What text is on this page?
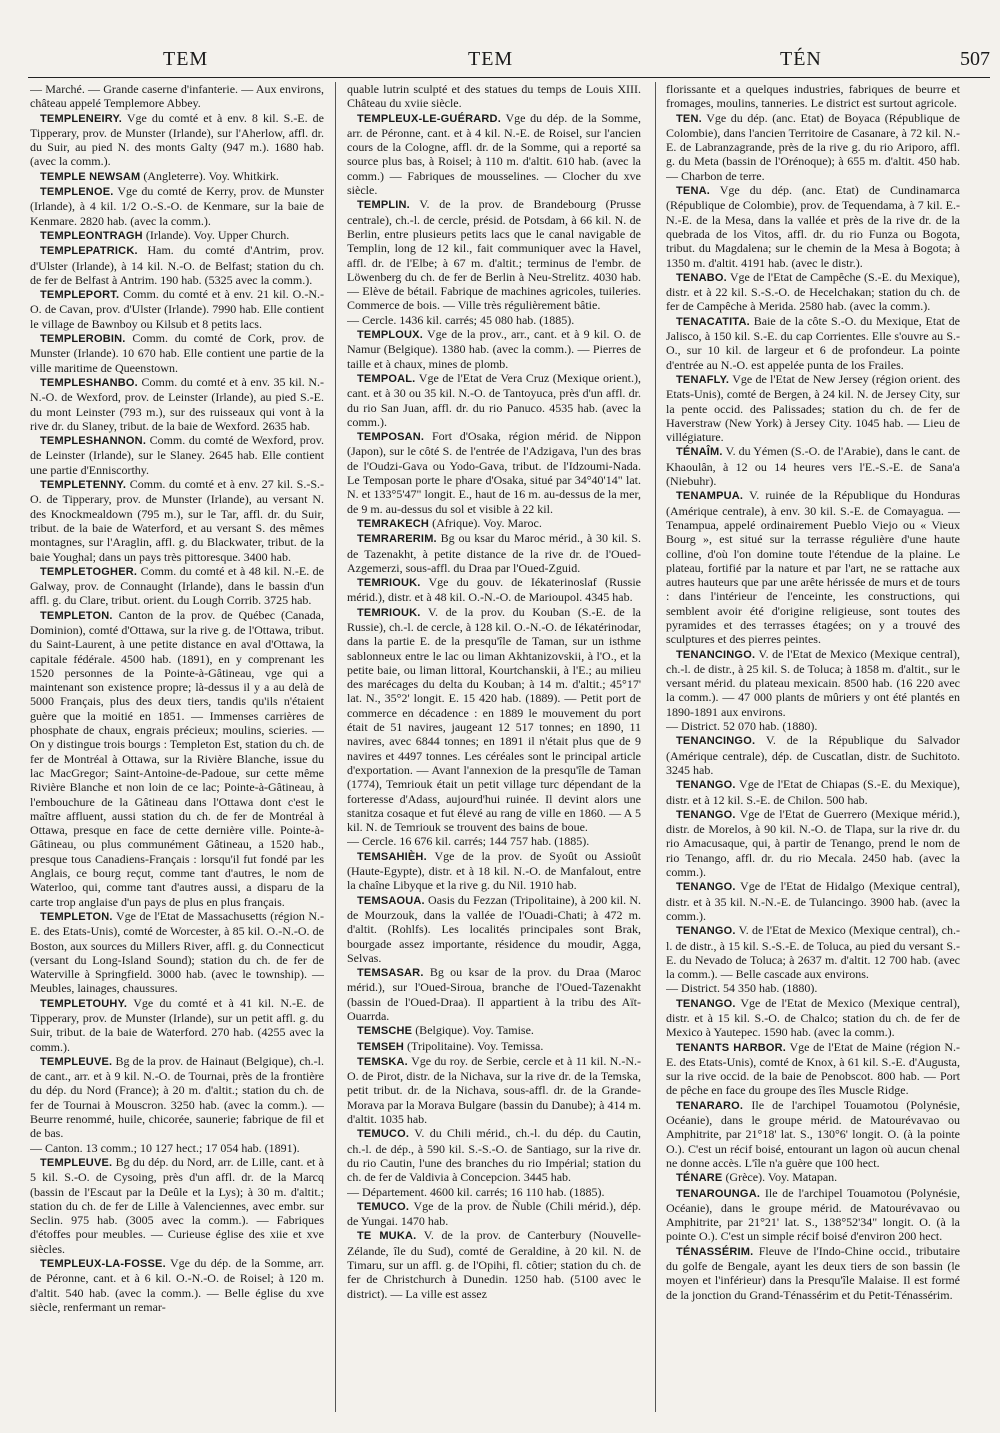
TEM	TEM	TÉN	507

— Marché. — Grande caserne d'infanterie. — Aux environs, château appelé Templemore Abbey.

TEMPLENEIRY. Vge du comté et à env. 8 kil. S.-E. de Tipperary, prov. de Munster (Irlande), sur l'Aherlow, affl. dr. du Suir, au pied N. des monts Galty (947 m.). 1680 hab. (avec la comm.).

TEMPLE NEWSAM (Angleterre). Voy. Whitkirk.

TEMPLENOE. Vge du comté de Kerry, prov. de Munster (Irlande), à 4 kil. 1/2 O.-S.-O. de Kenmare, sur la baie de Kenmare. 2820 hab. (avec la comm.).

TEMPLEONTRAGH (Irlande). Voy. Upper Church.

TEMPLEPATRICK. Ham. du comté d'Antrim, prov. d'Ulster (Irlande), à 14 kil. N.-O. de Belfast; station du ch. de fer de Belfast à Antrim. 190 hab. (5325 avec la comm.).

TEMPLEPORT. Comm. du comté et à env. 21 kil. O.-N.-O. de Cavan, prov. d'Ulster (Irlande). 7990 hab. Elle contient le village de Bawnboy ou Kilsub et 8 petits lacs.

TEMPLEROBIN. Comm. du comté de Cork, prov. de Munster (Irlande). 10 670 hab. Elle contient une partie de la ville maritime de Queenstown.

TEMPLESHANBO. Comm. du comté et à env. 35 kil. N.-N.-O. de Wexford, prov. de Leinster (Irlande), au pied S.-E. du mont Leinster (793 m.), sur des ruisseaux qui vont à la rive dr. du Slaney, tribut. de la baie de Wexford. 2635 hab.

TEMPLESHANNON. Comm. du comté de Wexford, prov. de Leinster (Irlande), sur le Slaney. 2645 hab. Elle contient une partie d'Enniscorthy.

TEMPLETENNY. Comm. du comté et à env. 27 kil. S.-S.-O. de Tipperary, prov. de Munster (Irlande), au versant N. des Knockmealdown (795 m.), sur le Tar, affl. dr. du Suir, tribut. de la baie de Waterford, et au versant S. des mêmes montagnes, sur l'Araglin, affl. g. du Blackwater, tribut. de la baie Youghal; dans un pays très pittoresque. 3400 hab.

TEMPLETOGHER. Comm. du comté et à 48 kil. N.-E. de Galway, prov. de Connaught (Irlande), dans le bassin d'un affl. g. du Clare, tribut. orient. du Lough Corrib. 3725 hab.

TEMPLETON. Canton de la prov. de Québec (Canada, Dominion), comté d'Ottawa, sur la rive g. de l'Ottawa, tribut. du Saint-Laurent, à une petite distance en aval d'Ottawa, la capitale fédérale. 4500 hab. (1891), en y comprenant les 1520 personnes de la Pointe-à-Gâtineau, vge qui a maintenant son existence propre; là-dessus il y a au delà de 5000 Français, plus des deux tiers, tandis qu'ils n'étaient guère que la moitié en 1851. — Immenses carrières de phosphate de chaux, engrais précieux; moulins, scieries. — On y distingue trois bourgs : Templeton Est, station du ch. de fer de Montréal à Ottawa, sur la Rivière Blanche, issue du lac MacGregor; Saint-Antoine-de-Padoue, sur cette même Rivière Blanche et non loin de ce lac; Pointe-à-Gâtineau, à l'embouchure de la Gâtineau dans l'Ottawa dont c'est le maître affluent, aussi station du ch. de fer de Montréal à Ottawa, presque en face de cette dernière ville. Pointe-à-Gâtineau, ou plus communément Gâtineau, a 1520 hab., presque tous Canadiens-Français : lorsqu'il fut fondé par les Anglais, ce bourg reçut, comme tant d'autres, le nom de Waterloo, qui, comme tant d'autres aussi, a disparu de la carte trop anglaise d'un pays de plus en plus français.

TEMPLETON. Vge de l'Etat de Massachusetts (région N.-E. des Etats-Unis), comté de Worcester, à 85 kil. O.-N.-O. de Boston, aux sources du Millers River, affl. g. du Connecticut (versant du Long-Island Sound); station du ch. de fer de Waterville à Springfield. 3000 hab. (avec le township). — Meubles, lainages, chaussures.

TEMPLETOUHY. Vge du comté et à 41 kil. N.-E. de Tipperary, prov. de Munster (Irlande), sur un petit affl. g. du Suir, tribut. de la baie de Waterford. 270 hab. (4255 avec la comm.).

TEMPLEUVE. Bg de la prov. de Hainaut (Belgique), ch.-l. de cant., arr. et à 9 kil. N.-O. de Tournai, près de la frontière du dép. du Nord (France); à 20 m. d'altit.; station du ch. de fer de Tournai à Mouscron. 3250 hab. (avec la comm.). — Beurre renommé, huile, chicorée, saunerie; fabrique de fil et de bas.

— Canton. 13 comm.; 10 127 hect.; 17 054 hab. (1891).

TEMPLEUVE. Bg du dép. du Nord, arr. de Lille, cant. et à 5 kil. S.-O. de Cysoing, près d'un affl. dr. de la Marcq (bassin de l'Escaut par la Deûle et la Lys); à 30 m. d'altit.; station du ch. de fer de Lille à Valenciennes, avec embr. sur Seclin. 975 hab. (3005 avec la comm.). — Fabriques d'étoffes pour meubles. — Curieuse église des xiie et xve siècles.

TEMPLEUX-LA-FOSSE. Vge du dép. de la Somme, arr. de Péronne, cant. et à 6 kil. O.-N.-O. de Roisel; à 120 m. d'altit. 540 hab. (avec la comm.). — Belle église du xve siècle, renfermant un remar-

quable lutrin sculpté et des statues du temps de Louis XIII. Château du xviie siècle.

TEMPLEUX-LE-GUÉRARD. Vge du dép. de la Somme, arr. de Péronne, cant. et à 4 kil. N.-E. de Roisel, sur l'ancien cours de la Cologne, affl. dr. de la Somme, qui a reporté sa source plus bas, à Roisel; à 110 m. d'altit. 610 hab. (avec la comm.) — Fabriques de mousselines. — Clocher du xve siècle.

TEMPLIN. V. de la prov. de Brandebourg (Prusse centrale), ch.-l. de cercle, présid. de Potsdam, à 66 kil. N. de Berlin, entre plusieurs petits lacs que le canal navigable de Templin, long de 12 kil., fait communiquer avec la Havel, affl. dr. de l'Elbe; à 67 m. d'altit.; terminus de l'embr. de Löwenberg du ch. de fer de Berlin à Neu-Strelitz. 4030 hab. — Elève de bétail. Fabrique de machines agricoles, tuileries. Commerce de bois. — Ville très régulièrement bâtie.

— Cercle. 1436 kil. carrés; 45 080 hab. (1885).

TEMPLOUX. Vge de la prov., arr., cant. et à 9 kil. O. de Namur (Belgique). 1380 hab. (avec la comm.). — Pierres de taille et à chaux, mines de plomb.

TEMPOAL. Vge de l'Etat de Vera Cruz (Mexique orient.), cant. et à 30 ou 35 kil. N.-O. de Tantoyuca, près d'un affl. dr. du rio San Juan, affl. dr. du rio Panuco. 4535 hab. (avec la comm.).

TEMPOSAN. Fort d'Osaka, région mérid. de Nippon (Japon), sur le côté S. de l'entrée de l'Adzigava, l'un des bras de l'Oudzi-Gava ou Yodo-Gava, tribut. de l'Idzoumi-Nada. Le Temposan porte le phare d'Osaka, situé par 34°40'14" lat. N. et 133°5'47" longit. E., haut de 16 m. au-dessus de la mer, de 9 m. au-dessus du sol et visible à 22 kil.

TEMRAKECH (Afrique). Voy. Maroc.

TEMRARERIM. Bg ou ksar du Maroc mérid., à 30 kil. S. de Tazenakht, à petite distance de la rive dr. de l'Oued-Azgemerzi, sous-affl. du Draa par l'Oued-Zguid.

TEMRIOUK. Vge du gouv. de Iékaterinoslaf (Russie mérid.), distr. et à 48 kil. O.-N.-O. de Marioupol. 4345 hab.

TEMRIOUK. V. de la prov. du Kouban (S.-E. de la Russie), ch.-l. de cercle, à 128 kil. O.-N.-O. de Iékatérinodar, dans la partie E. de la presqu'île de Taman, sur un isthme sablonneux entre le lac ou liman Akhtanizovskii, à l'O., et la petite baie, ou liman littoral, Kourtchanskii, à l'E.; au milieu des marécages du delta du Kouban; à 14 m. d'altit.; 45°17' lat. N., 35°2' longit. E. 15 420 hab. (1889). — Petit port de commerce en décadence : en 1889 le mouvement du port était de 51 navires, jaugeant 12 517 tonnes; en 1890, 11 navires, avec 6844 tonnes; en 1891 il n'était plus que de 9 navires et 4497 tonnes. Les céréales sont le principal article d'exportation. — Avant l'annexion de la presqu'île de Taman (1774), Temriouk était un petit village turc dépendant de la forteresse d'Adass, aujourd'hui ruinée. Il devint alors une stanitza cosaque et fut élevé au rang de ville en 1860. — A 5 kil. N. de Temriouk se trouvent des bains de boue.

— Cercle. 16 676 kil. carrés; 144 757 hab. (1885).

TEMSAHIÈH. Vge de la prov. de Syoût ou Assioût (Haute-Egypte), distr. et à 18 kil. N.-O. de Manfalout, entre la chaîne Libyque et la rive g. du Nil. 1910 hab.

TEMSAOUA. Oasis du Fezzan (Tripolitaine), à 200 kil. N. de Mourzouk, dans la vallée de l'Ouadi-Chati; à 472 m. d'altit. (Rohlfs). Les localités principales sont Brak, bourgade assez importante, résidence du moudir, Agga, Selvas.

TEMSASAR. Bg ou ksar de la prov. du Draa (Maroc mérid.), sur l'Oued-Siroua, branche de l'Oued-Tazenakht (bassin de l'Oued-Draa). Il appartient à la tribu des Aït-Ouarrda.

TEMSCHE (Belgique). Voy. Tamise.

TEMSEH (Tripolitaine). Voy. Temissa.

TEMSKA. Vge du roy. de Serbie, cercle et à 11 kil. N.-N.-O. de Pirot, distr. de la Nichava, sur la rive dr. de la Temska, petit tribut. dr. de la Nichava, sous-affl. dr. de la Grande-Morava par la Morava Bulgare (bassin du Danube); à 414 m. d'altit. 1035 hab.

TEMUCO. V. du Chili mérid., ch.-l. du dép. du Cautin, ch.-l. de dép., à 590 kil. S.-S.-O. de Santiago, sur la rive dr. du rio Cautin, l'une des branches du rio Impérial; station du ch. de fer de Valdivia à Concepcion. 3445 hab.

— Département. 4600 kil. carrés; 16 110 hab. (1885).

TEMUCO. Vge de la prov. de Ñuble (Chili mérid.), dép. de Yungai. 1470 hab.

TE MUKA. V. de la prov. de Canterbury (Nouvelle-Zélande, île du Sud), comté de Geraldine, à 20 kil. N. de Timaru, sur un affl. g. de l'Opihi, fl. côtier; station du ch. de fer de Christchurch à Dunedin. 1250 hab. (5100 avec le district). — La ville est assez

florissante et a quelques industries, fabriques de beurre et fromages, moulins, tanneries. Le district est surtout agricole.

TEN. Vge du dép. (anc. Etat) de Boyaca (République de Colombie), dans l'ancien Territoire de Casanare, à 72 kil. N.-E. de Labranzagrande, près de la rive g. du rio Ariporo, affl. g. du Meta (bassin de l'Orénoque); à 655 m. d'altit. 450 hab. — Charbon de terre.

TENA. Vge du dép. (anc. Etat) de Cundinamarca (République de Colombie), prov. de Tequendama, à 7 kil. E.-N.-E. de la Mesa, dans la vallée et près de la rive dr. de la quebrada de los Vitos, affl. dr. du rio Funza ou Bogota, tribut. du Magdalena; sur le chemin de la Mesa à Bogota; à 1350 m. d'altit. 4191 hab. (avec le distr.).

TENABO. Vge de l'Etat de Campêche (S.-E. du Mexique), distr. et à 22 kil. S.-S.-O. de Hecelchakan; station du ch. de fer de Campêche à Merida. 2580 hab. (avec la comm.).

TENACATITA. Baie de la côte S.-O. du Mexique, Etat de Jalisco, à 150 kil. S.-E. du cap Corrientes. Elle s'ouvre au S.-O., sur 10 kil. de largeur et 6 de profondeur. La pointe d'entrée au N.-O. est appelée punta de los Frailes.

TENAFLY. Vge de l'Etat de New Jersey (région orient. des Etats-Unis), comté de Bergen, à 24 kil. N. de Jersey City, sur la pente occid. des Palissades; station du ch. de fer de Haverstraw (New York) à Jersey City. 1045 hab. — Lieu de villégiature.

TÉNAÎM. V. du Yémen (S.-O. de l'Arabie), dans le cant. de Khaoulân, à 12 ou 14 heures vers l'E.-S.-E. de Sana'a (Niebuhr).

TENAMPUA. V. ruinée de la République du Honduras (Amérique centrale), à env. 30 kil. S.-E. de Comayagua. — Tenampua, appelé ordinairement Pueblo Viejo ou « Vieux Bourg », est situé sur la terrasse régulière d'une haute colline, d'où l'on domine toute l'étendue de la plaine. Le plateau, fortifié par la nature et par l'art, ne se rattache aux autres hauteurs que par une arête hérissée de murs et de tours : dans l'intérieur de l'enceinte, les constructions, qui semblent avoir été d'origine religieuse, sont toutes des pyramides et des terrasses étagées; on y a trouvé des sculptures et des pierres peintes.

TENANCINGO. V. de l'Etat de Mexico (Mexique central), ch.-l. de distr., à 25 kil. S. de Toluca; à 1858 m. d'altit., sur le versant mérid. du plateau mexicain. 8500 hab. (16 220 avec la comm.). — 47 000 plants de mûriers y ont été plantés en 1890-1891 aux environs.

— District. 52 070 hab. (1880).

TENANCINGO. V. de la République du Salvador (Amérique centrale), dép. de Cuscatlan, distr. de Suchitoto. 3245 hab.

TENANGO. Vge de l'Etat de Chiapas (S.-E. du Mexique), distr. et à 12 kil. S.-E. de Chilon. 500 hab.

TENANGO. Vge de l'Etat de Guerrero (Mexique mérid.), distr. de Morelos, à 90 kil. N.-O. de Tlapa, sur la rive dr. du rio Amacusaque, qui, à partir de Tenango, prend le nom de rio Tenango, affl. dr. du rio Mecala. 2450 hab. (avec la comm.).

TENANGO. Vge de l'Etat de Hidalgo (Mexique central), distr. et à 35 kil. N.-N.-E. de Tulancingo. 3900 hab. (avec la comm.).

TENANGO. V. de l'Etat de Mexico (Mexique central), ch.-l. de distr., à 15 kil. S.-S.-E. de Toluca, au pied du versant S.-E. du Nevado de Toluca; à 2637 m. d'altit. 12 700 hab. (avec la comm.). — Belle cascade aux environs.

— District. 54 350 hab. (1880).

TENANGO. Vge de l'Etat de Mexico (Mexique central), distr. et à 15 kil. S.-O. de Chalco; station du ch. de fer de Mexico à Yautepec. 1590 hab. (avec la comm.).

TENANTS HARBOR. Vge de l'Etat de Maine (région N.-E. des Etats-Unis), comté de Knox, à 61 kil. S.-E. d'Augusta, sur la rive occid. de la baie de Penobscot. 800 hab. — Port de pêche en face du groupe des îles Muscle Ridge.

TENARARO. Ile de l'archipel Touamotou (Polynésie, Océanie), dans le groupe mérid. de Matourévavao ou Amphitrite, par 21°18' lat. S., 130°6' longit. O. (à la pointe O.). C'est un récif boisé, entourant un lagon où aucun chenal ne donne accès. L'île n'a guère que 100 hect.

TÉNARE (Grèce). Voy. Matapan.

TENAROUNGA. Ile de l'archipel Touamotou (Polynésie, Océanie), dans le groupe mérid. de Matourévavao ou Amphitrite, par 21°21' lat. S., 138°52'34" longit. O. (à la pointe O.). C'est un simple récif boisé d'environ 200 hect.

TÉNASSÉRIM. Fleuve de l'Indo-Chine occid., tributaire du golfe de Bengale, ayant les deux tiers de son bassin (le moyen et l'inférieur) dans la Presqu'île Malaise. Il est formé de la jonction du Grand-Ténassérim et du Petit-Ténassérim.
